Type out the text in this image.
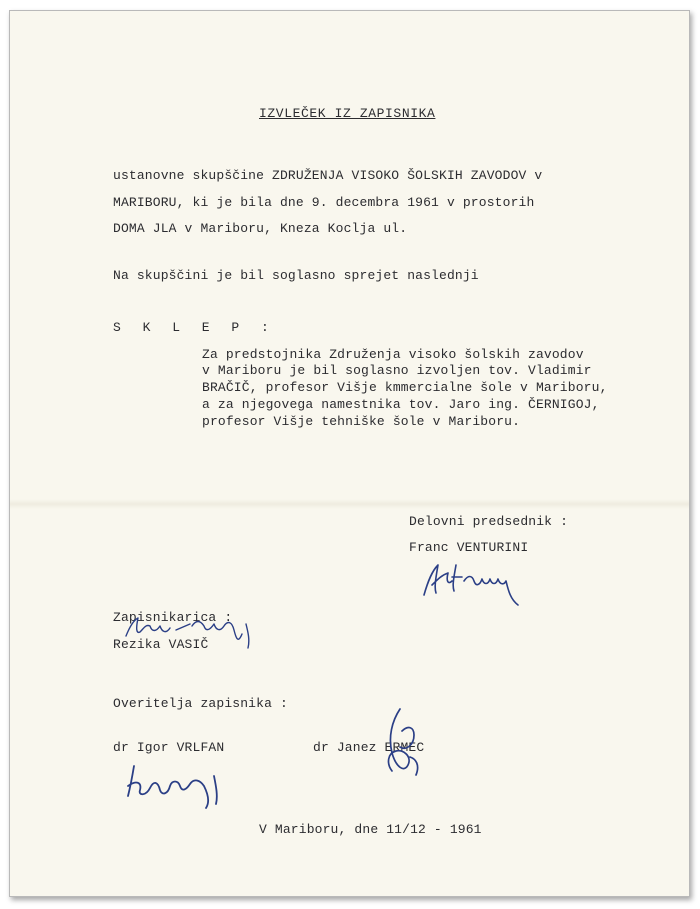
IZVLEČEK IZ ZAPISNIKA
ustanovne skupščine ZDRUŽENJA VISOKO ŠOLSKIH ZAVODOV v
MARIBORU, ki je bila dne 9. decembra 1961 v prostorih
DOMA JLA v Mariboru, Kneza Koclja ul.
Na skupščini je bil soglasno sprejet naslednji
S K L E P :
Za predstojnika Združenja visoko šolskih zavodov
v Mariboru je bil soglasno izvoljen tov. Vladimir
BRAČIČ, profesor Višje kmmercialne šole v Mariboru,
a za njegovega namestnika tov. Jaro ing. ČERNIGOJ,
profesor Višje tehniške šole v Mariboru.
Delovni predsednik :
Franc VENTURINI
Zapisnikarica :
Rezika VASIČ
Overitelja zapisnika :
dr Igor VRLFAN	dr Janez ERMEC
V Mariboru, dne 11/12 - 1961
